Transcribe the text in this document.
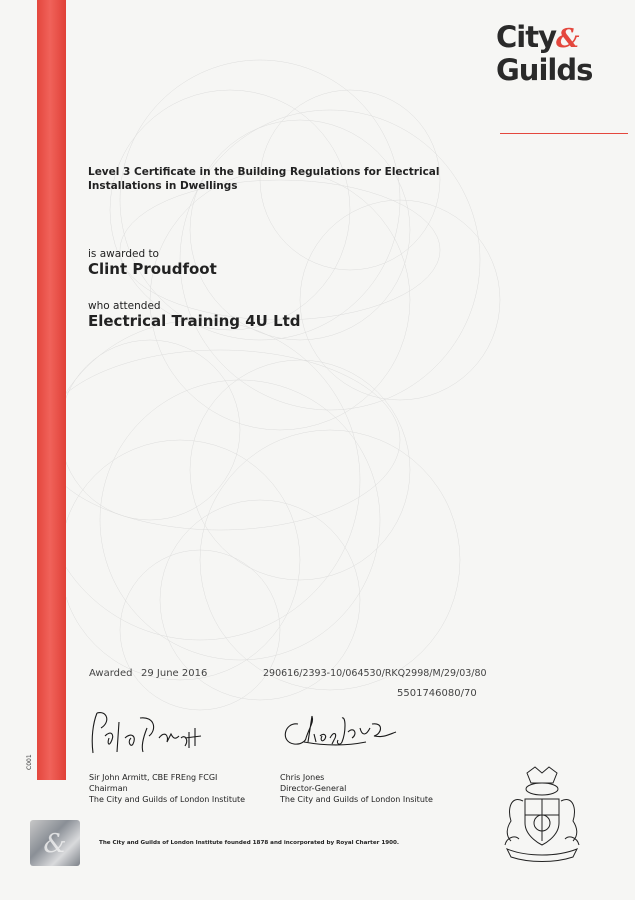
City&
Guilds
Level 3 Certificate in the Building Regulations for Electrical Installations in Dwellings
is awarded to
Clint Proudfoot
who attended
Electrical Training 4U Ltd
Awarded 29 June 2016	290616/2393-10/064530/RKQ2998/M/29/03/80
5501746080/70
Sir John Armitt, CBE FREng FCGI
Chairman
The City and Guilds of London Institute
Chris Jones
Director-General
The City and Guilds of London Insitute
C001
&	The City and Guilds of London Institute founded 1878 and incorporated by Royal Charter 1900.
